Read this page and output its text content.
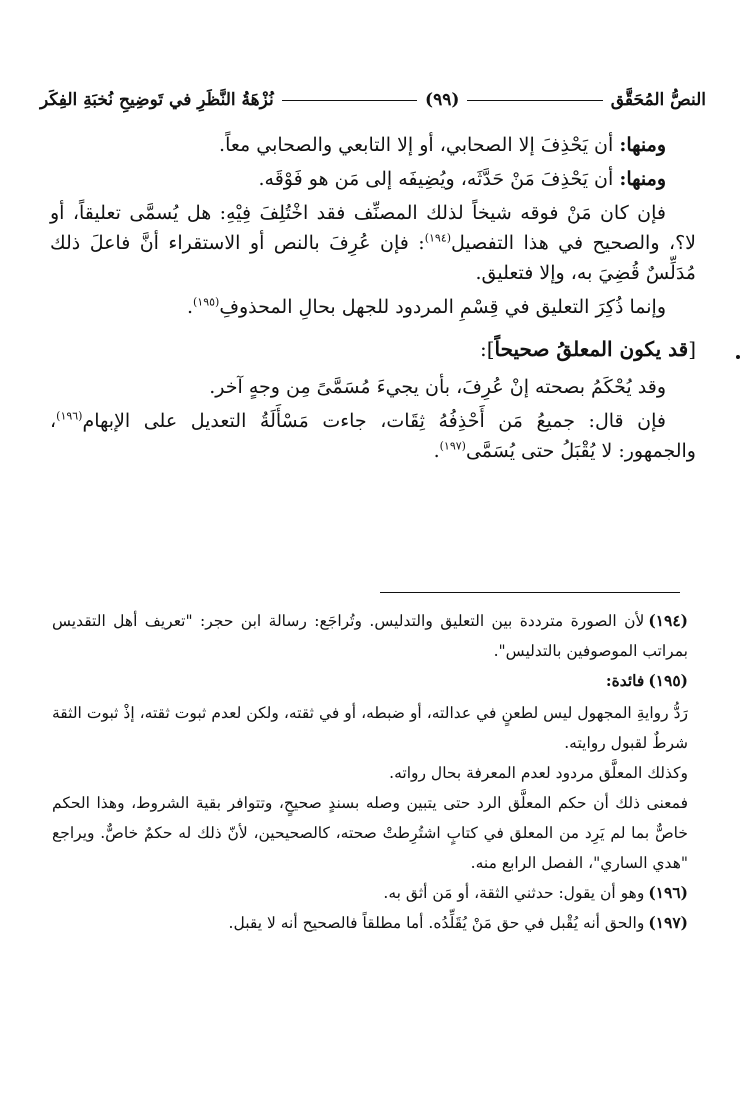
النصُّ المُحَقَّق
(٩٩)
نُزْهَةُ النَّظَرِ في تَوضِيحِ نُخبَةِ الفِكَر

ومنها: أن يَحْذِفَ إلا الصحابي، أو إلا التابعي والصحابي معاً.

ومنها: أن يَحْذِفَ مَنْ حَدَّثَه، ويُضِيفَه إلى مَن هو فَوْقَه.

فإن كان مَنْ فوقه شيخاً لذلك المصنِّف فقد اخْتُلِفَ فِيْهِ: هل يُسمَّى تعليقاً، أو لا؟، والصحيح في هذا التفصيل$^{(١٩٤)}$: فإن عُرِفَ بالنص أو الاستقراء أنَّ فاعلَ ذلك مُدَلِّسٌ قُضِيَ به، وإلا فتعليق.

وإنما ذُكِرَ التعليق في قِسْمِ المردود للجهل بحالِ المحذوفِ$^{(١٩٥)}$.

[قد يكون المعلقُ صحيحاً]:

وقد يُحْكَمُ بصحته إنْ عُرِفَ، بأن يجيءَ مُسَمَّىً مِن وجهٍ آخر.

فإن قال: جميعُ مَن أَحْذِفُهُ ثِقَات، جاءت مَسْأَلَةُ التعديل على الإبهام$^{(١٩٦)}$، والجمهور: لا يُقْبَلُ حتى يُسَمَّى$^{(١٩٧)}$.

(١٩٤)لأن الصورة مترددة بين التعليق والتدليس. وتُراجَع: رسالة ابن حجر: "تعريف أهل التقديس بمراتب الموصوفين بالتدليس".

(١٩٥)فائدة:

رَدُّ روايةِ المجهول ليس لطعنٍ في عدالته، أو ضبطه، أو في ثقته، ولكن لعدم ثبوت ثقته، إذْ ثبوت الثقة شرطٌ لقبول روايته.

وكذلك المعلَّق مردود لعدم المعرفة بحال رواته.

فمعنى ذلك أن حكم المعلَّق الرد حتى يتبين وصله بسندٍ صحيحٍ، وتتوافر بقية الشروط، وهذا الحكم خاصٌّ بما لم يَرِد من المعلق في كتابٍ اشتُرِطتْ صحته، كالصحيحين، لأنّ ذلك له حكمٌ خاصٌّ. ويراجع "هدي الساري"، الفصل الرابع منه.

(١٩٦)وهو أن يقول: حدثني الثقة، أو مَن أثق به.

(١٩٧)والحق أنه يُقْبل في حق مَنْ يُقَلِّدُه. أما مطلقاً فالصحيح أنه لا يقبل.
